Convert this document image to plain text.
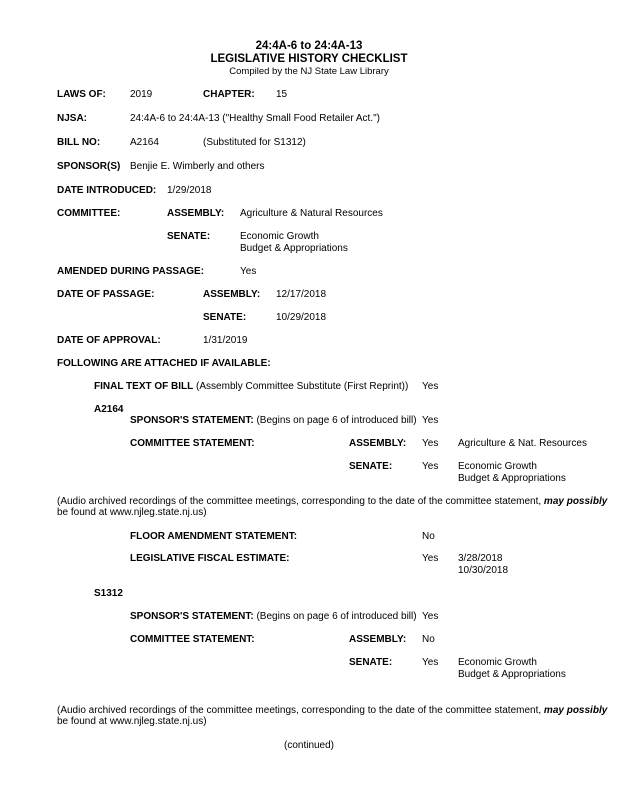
24:4A-6 to 24:4A-13
LEGISLATIVE HISTORY CHECKLIST
Compiled by the NJ State Law Library
LAWS OF: 2019	CHAPTER: 15
NJSA:	24:4A-6 to 24:4A-13 ("Healthy Small Food Retailer Act.")
BILL NO:	A2164	(Substituted for S1312)
SPONSOR(S) Benjie E. Wimberly and others
DATE INTRODUCED: 1/29/2018
COMMITTEE:	ASSEMBLY: Agriculture & Natural Resources
SENATE:	Economic Growth
Budget & Appropriations
AMENDED DURING PASSAGE:	Yes
DATE OF PASSAGE:	ASSEMBLY: 12/17/2018
SENATE:	10/29/2018
DATE OF APPROVAL:	1/31/2019
FOLLOWING ARE ATTACHED IF AVAILABLE:
FINAL TEXT OF BILL (Assembly Committee Substitute (First Reprint)) Yes
A2164
SPONSOR'S STATEMENT: (Begins on page 6 of introduced bill) Yes
COMMITTEE STATEMENT:	ASSEMBLY: Yes Agriculture & Nat. Resources
SENATE:	Yes Economic Growth
Budget & Appropriations
(Audio archived recordings of the committee meetings, corresponding to the date of the committee statement, may possibly
be found at www.njleg.state.nj.us)
FLOOR AMENDMENT STATEMENT:	No
LEGISLATIVE FISCAL ESTIMATE:	Yes 3/28/2018
10/30/2018
S1312
SPONSOR'S STATEMENT: (Begins on page 6 of introduced bill) Yes
COMMITTEE STATEMENT:	ASSEMBLY: No
SENATE:	Yes Economic Growth
Budget & Appropriations
(Audio archived recordings of the committee meetings, corresponding to the date of the committee statement, may possibly
be found at www.njleg.state.nj.us)
(continued)
